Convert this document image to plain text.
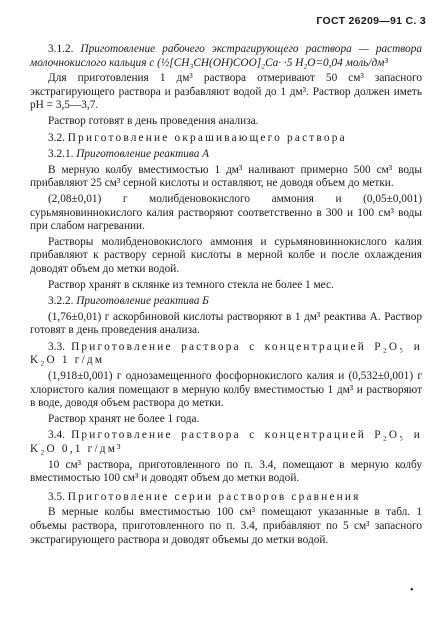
ГОСТ 26209—91 С. 3

3.1.2. Приготовление рабочего экстрагирующего раствора — раствора молочнокислого кальция с (½[CH₃CH(OH)COO]₂Ca· ·5 H₂O=0,04 моль/дм³

Для приготовления 1 дм³ раствора отмеривают 50 см³ запасного экстрагирующего раствора и разбавляют водой до 1 дм³. Раствор должен иметь pH = 3,5—3,7.

Раствор готовят в день проведения анализа.

3.2. Приготовление окрашивающего раствора

3.2.1. Приготовление реактива А

В мерную колбу вместимостью 1 дм³ наливают примерно 500 см³ воды прибавляют 25 см³ серной кислоты и оставляют, не доводя объем до метки.

(2,08±0,01) г молибденовокислого аммония и (0,05±0,001) сурьмяновиннокислого калия растворяют соответственно в 300 и 100 см³ воды при слабом нагревании.

Растворы молибденовокислого аммония и сурьмяновиннокислого калия прибавляют к раствору серной кислоты в мерной колбе и после охлаждения доводят объем до метки водой.

Раствор хранят в склянке из темного стекла не более 1 мес.

3.2.2. Приготовление реактива Б

(1,76±0,01) г аскорбиновой кислоты растворяют в 1 дм³ реактива А. Раствор готовят в день проведения анализа.

3.3. Приготовление раствора с концентрацией P₂O₅ и K₂O 1 г/дм

(1,918±0,001) г однозамещенного фосфорнокислого калия и (0,532±0,001) г хлористого калия помещают в мерную колбу вместимостью 1 дм³ и растворяют в воде, доводя объем раствора до метки.

Раствор хранят не более 1 года.

3.4. Приготовление раствора с концентрацией P₂O₅ и K₂O 0,1 г/дм³

10 см³ раствора, приготовленного по п. 3.4, помещают в мерную колбу вместимостью 100 см³ и доводят объем до метки водой.

3.5. Приготовление серии растворов сравнения

В мерные колбы вместимостью 100 см³ помещают указанные в табл. 1 объемы раствора, приготовленного по п. 3.4, прибавляют по 5 см³ запасного экстрагирующего раствора и доводят объемы до метки водой.

•
